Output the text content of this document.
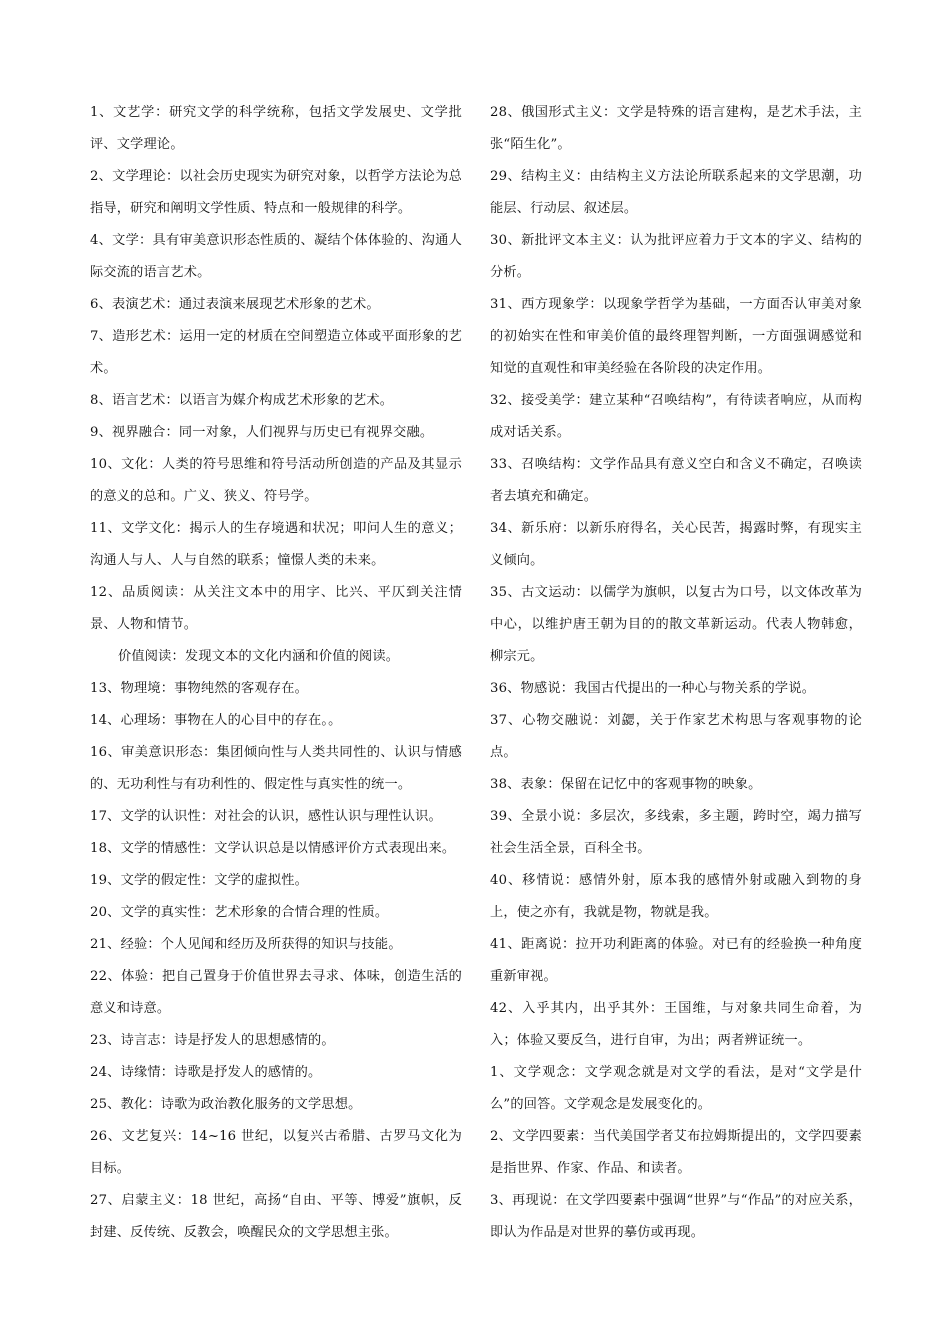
1、文艺学：研究文学的科学统称，包括文学发展史、文学批评、文学理论。

2、文学理论：以社会历史现实为研究对象，以哲学方法论为总指导，研究和阐明文学性质、特点和一般规律的科学。

4、文学：具有审美意识形态性质的、凝结个体体验的、沟通人际交流的语言艺术。

6、表演艺术：通过表演来展现艺术形象的艺术。

7、造形艺术：运用一定的材质在空间塑造立体或平面形象的艺术。

8、语言艺术：以语言为媒介构成艺术形象的艺术。

9、视界融合：同一对象，人们视界与历史已有视界交融。

10、文化：人类的符号思维和符号活动所创造的产品及其显示的意义的总和。广义、狭义、符号学。

11、文学文化：揭示人的生存境遇和状况；叩问人生的意义；沟通人与人、人与自然的联系；憧憬人类的未来。

12、品质阅读：从关注文本中的用字、比兴、平仄到关注情景、人物和情节。

价值阅读：发现文本的文化内涵和价值的阅读。

13、物理境：事物纯然的客观存在。

14、心理场：事物在人的心目中的存在。。

16、审美意识形态：集团倾向性与人类共同性的、认识与情感的、无功利性与有功利性的、假定性与真实性的统一。

17、文学的认识性：对社会的认识，感性认识与理性认识。

18、文学的情感性：文学认识总是以情感评价方式表现出来。

19、文学的假定性：文学的虚拟性。

20、文学的真实性：艺术形象的合情合理的性质。

21、经验：个人见闻和经历及所获得的知识与技能。

22、体验：把自己置身于价值世界去寻求、体味，创造生活的意义和诗意。

23、诗言志：诗是抒发人的思想感情的。

24、诗缘情：诗歌是抒发人的感情的。

25、教化：诗歌为政治教化服务的文学思想。

26、文艺复兴：14~16 世纪，以复兴古希腊、古罗马文化为目标。

27、启蒙主义：18 世纪，高扬“自由、平等、博爱”旗帜，反封建、反传统、反教会，唤醒民众的文学思想主张。

28、俄国形式主义：文学是特殊的语言建构，是艺术手法，主张“陌生化”。

29、结构主义：由结构主义方法论所联系起来的文学思潮，功能层、行动层、叙述层。

30、新批评文本主义：认为批评应着力于文本的字义、结构的分析。

31、西方现象学：以现象学哲学为基础，一方面否认审美对象的初始实在性和审美价值的最终理智判断，一方面强调感觉和知觉的直观性和审美经验在各阶段的决定作用。

32、接受美学：建立某种“召唤结构”，有待读者响应，从而构成对话关系。

33、召唤结构：文学作品具有意义空白和含义不确定，召唤读者去填充和确定。

34、新乐府：以新乐府得名，关心民苦，揭露时弊，有现实主义倾向。

35、古文运动：以儒学为旗帜，以复古为口号，以文体改革为中心，以维护唐王朝为目的的散文革新运动。代表人物韩愈，柳宗元。

36、物感说：我国古代提出的一种心与物关系的学说。

37、心物交融说：刘勰，关于作家艺术构思与客观事物的论点。

38、表象：保留在记忆中的客观事物的映象。

39、全景小说：多层次，多线索，多主题，跨时空，竭力描写社会生活全景，百科全书。

40、移情说：感情外射，原本我的感情外射或融入到物的身上，使之亦有，我就是物，物就是我。

41、距离说：拉开功利距离的体验。对已有的经验换一种角度重新审视。

42、入乎其内，出乎其外：王国维，与对象共同生命着，为入；体验又要反刍，进行自审，为出；两者辨证统一。

1、文学观念：文学观念就是对文学的看法，是对“文学是什么”的回答。文学观念是发展变化的。

2、文学四要素：当代美国学者艾布拉姆斯提出的，文学四要素是指世界、作家、作品、和读者。

3、再现说：在文学四要素中强调“世界”与“作品”的对应关系，即认为作品是对世界的摹仿或再现。
